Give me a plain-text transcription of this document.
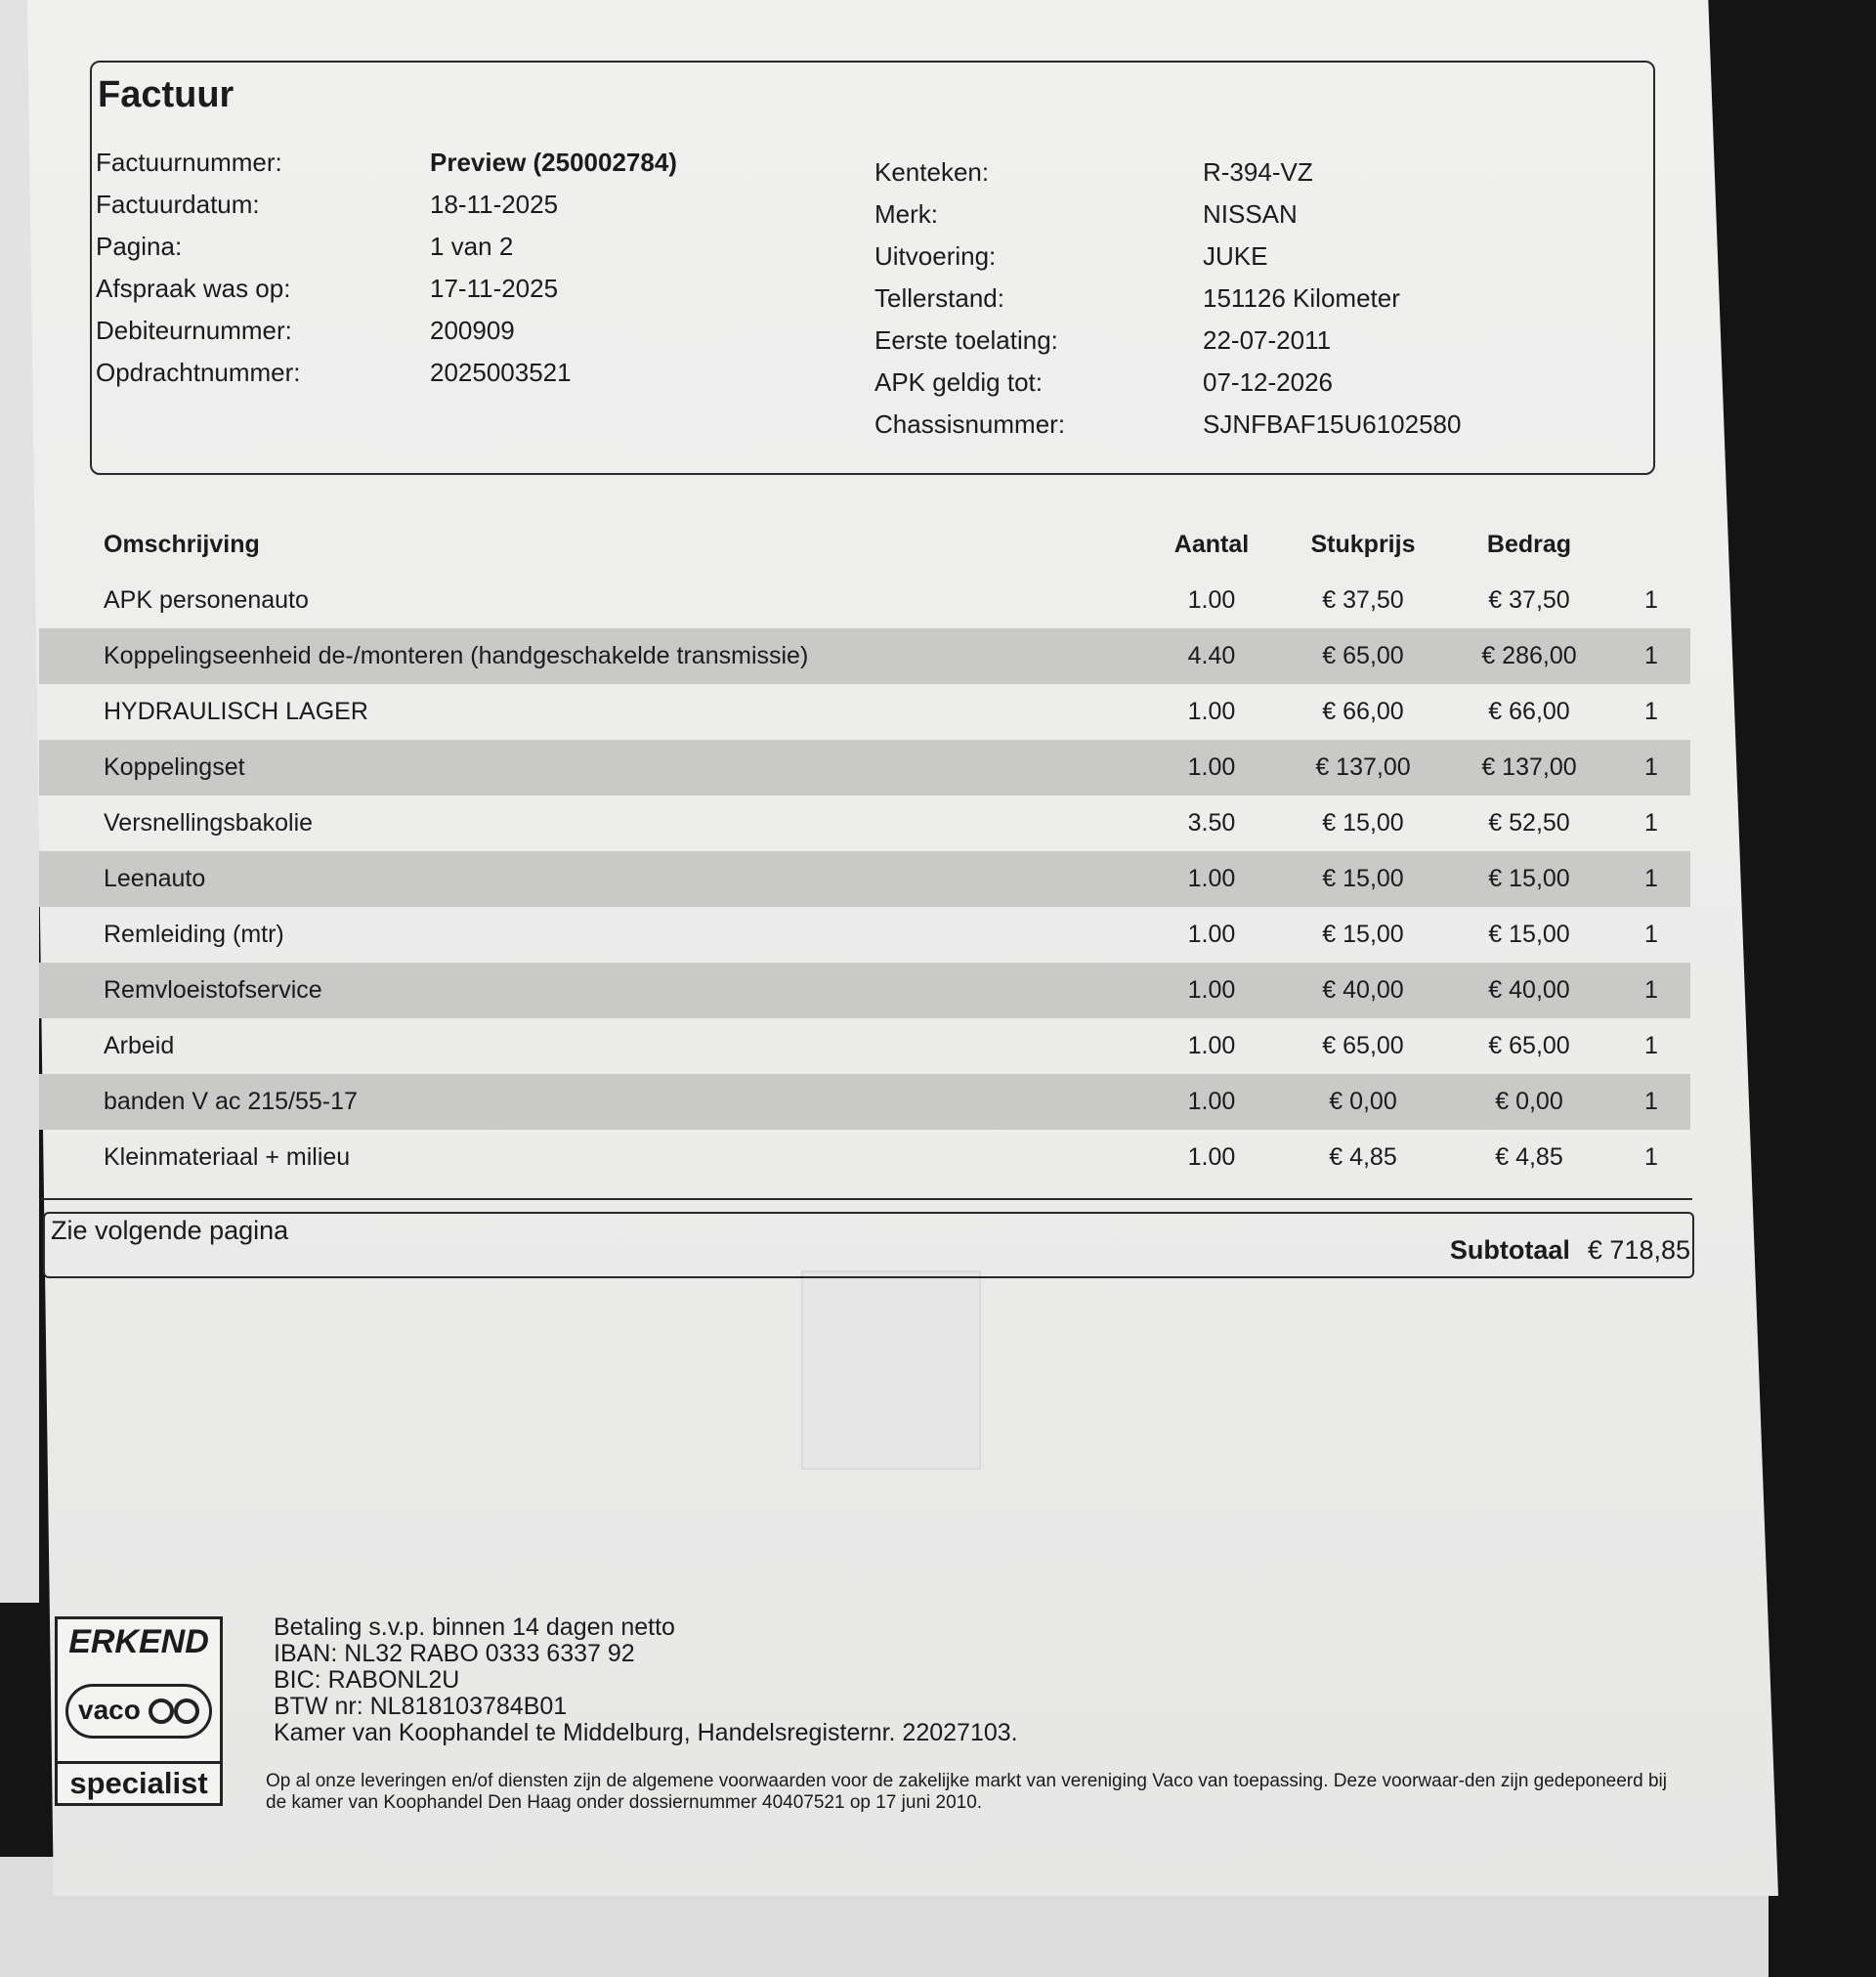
Factuur
Factuurnummer:	Preview (250002784)
Factuurdatum:	18-11-2025
Pagina:	1 van 2
Afspraak was op:	17-11-2025
Debiteurnummer:	200909
Opdrachtnummer:	2025003521
Kenteken:	R-394-VZ
Merk:	NISSAN
Uitvoering:	JUKE
Tellerstand:	151126 Kilometer
Eerste toelating:	22-07-2011
APK geldig tot:	07-12-2026
Chassisnummer:	SJNFBAF15U6102580
Omschrijving	Aantal	Stukprijs	Bedrag
APK personenauto	1.00	€ 37,50	€ 37,50	1
Koppelingseenheid de-/monteren (handgeschakelde transmissie)	4.40	€ 65,00	€ 286,00	1
HYDRAULISCH LAGER	1.00	€ 66,00	€ 66,00	1
Koppelingset	1.00	€ 137,00	€ 137,00	1
Versnellingsbakolie	3.50	€ 15,00	€ 52,50	1
Leenauto	1.00	€ 15,00	€ 15,00	1
Remleiding (mtr)	1.00	€ 15,00	€ 15,00	1
Remvloeistofservice	1.00	€ 40,00	€ 40,00	1
Arbeid	1.00	€ 65,00	€ 65,00	1
banden V ac 215/55-17	1.00	€ 0,00	€ 0,00	1
Kleinmateriaal + milieu	1.00	€ 4,85	€ 4,85	1
Zie volgende pagina
Subtotaal € 718,85
ERKEND
vaco
specialist
Betaling s.v.p. binnen 14 dagen netto
IBAN: NL32 RABO 0333 6337 92
BIC: RABONL2U
BTW nr: NL818103784B01
Kamer van Koophandel te Middelburg, Handelsregisternr. 22027103.
Op al onze leveringen en/of diensten zijn de algemene voorwaarden voor de zakelijke markt van vereniging Vaco van toepassing. Deze voorwaar-den zijn gedeponeerd bij de kamer van Koophandel Den Haag onder dossiernummer 40407521 op 17 juni 2010.
